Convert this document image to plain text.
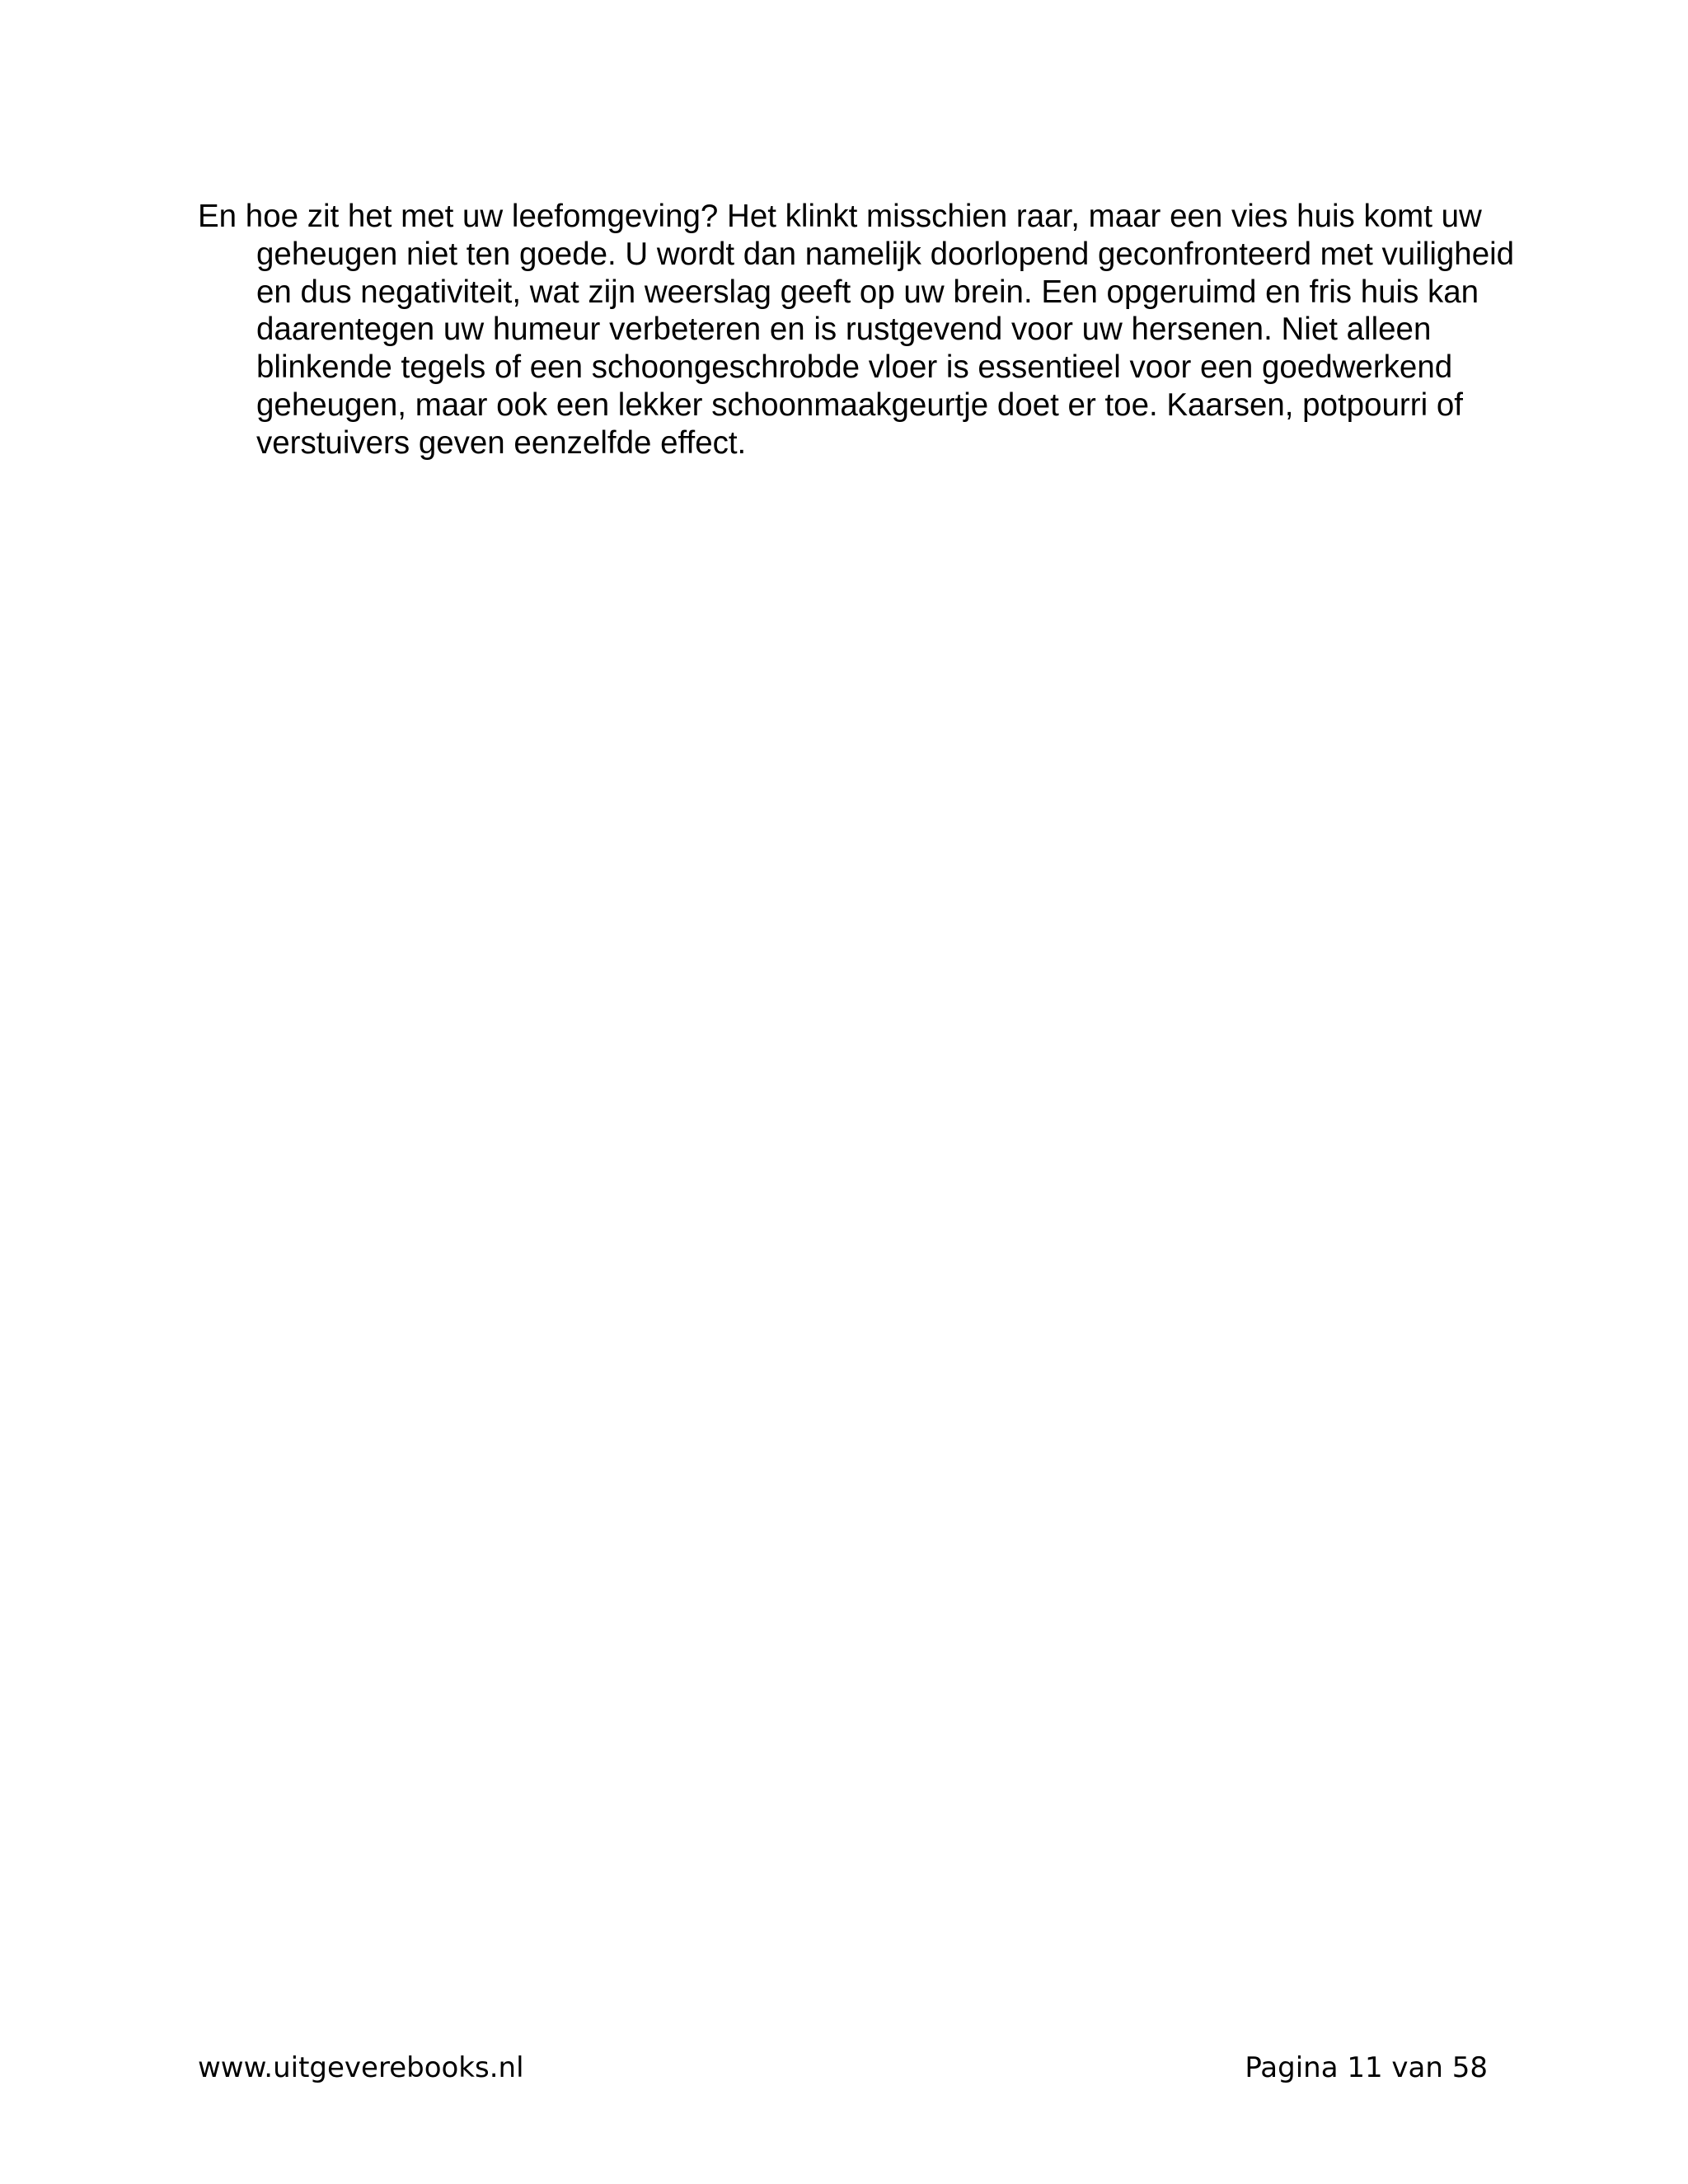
En hoe zit het met uw leefomgeving? Het klinkt misschien raar, maar een vies huis komt uw geheugen niet ten goede. U wordt dan namelijk doorlopend geconfronteerd met vuiligheid en dus negativiteit, wat zijn weerslag geeft op uw brein. Een opgeruimd en fris huis kan daarentegen uw humeur verbeteren en is rustgevend voor uw hersenen. Niet alleen blinkende tegels of een schoongeschrobde vloer is essentieel voor een goedwerkend geheugen, maar ook een lekker schoonmaakgeurtje doet er toe. Kaarsen, potpourri of verstuivers geven eenzelfde effect.

www.uitgeverebooks.nl	Pagina 11 van 58
